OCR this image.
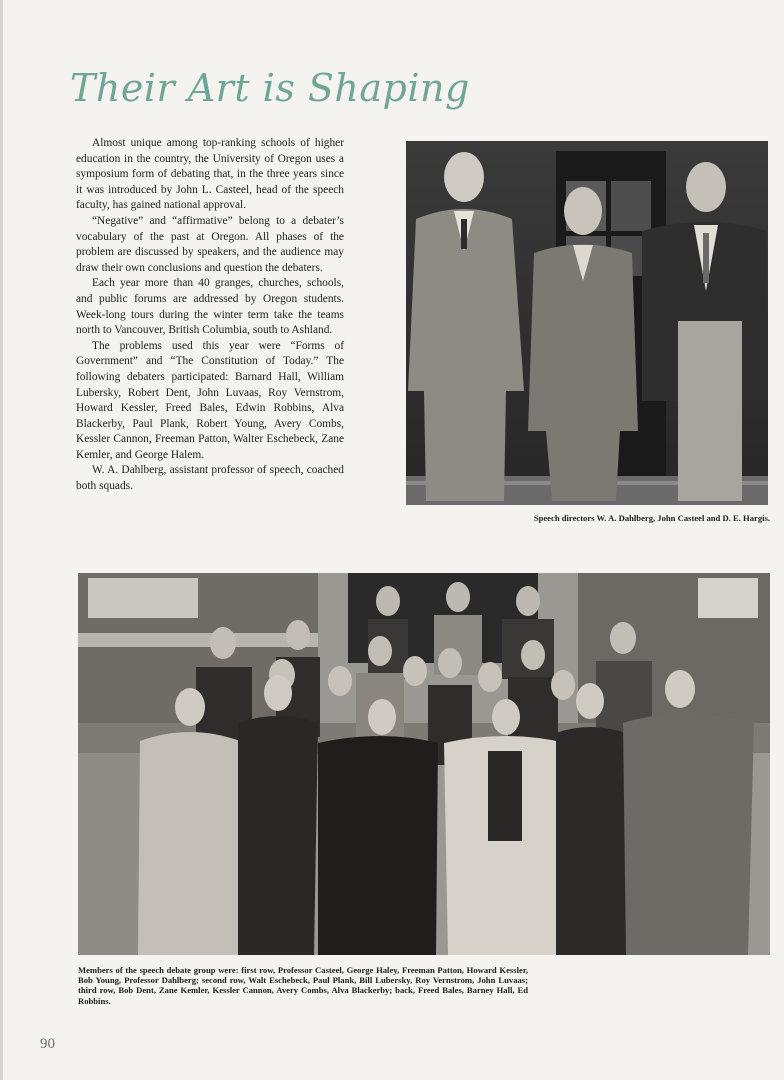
Their Art is Shaping

Almost unique among top-ranking schools of higher education in the country, the University of Oregon uses a symposium form of debating that, in the three years since it was introduced by John L. Casteel, head of the speech faculty, has gained national approval.

“Negative” and “affirmative” belong to a debater’s vocabulary of the past at Oregon. All phases of the problem are discussed by speakers, and the audience may draw their own conclusions and question the debaters.

Each year more than 40 granges, churches, schools, and public forums are addressed by Oregon students. Week-long tours during the winter term take the teams north to Vancouver, British Columbia, south to Ashland.

The problems used this year were “Forms of Government” and “The Constitution of Today.” The following debaters participated: Barnard Hall, William Lubersky, Robert Dent, John Luvaas, Roy Vernstrom, Howard Kessler, Freed Bales, Edwin Robbins, Alva Blackerby, Paul Plank, Robert Young, Avery Combs, Kessler Cannon, Freeman Patton, Walter Eschebeck, Zane Kemler, and George Halem.

W. A. Dahlberg, assistant professor of speech, coached both squads.

Speech directors W. A. Dahlberg, John Casteel and D. E. Hargis.
Members of the speech debate group were: first row, Professor Casteel, George Haley, Freeman Patton, Howard Kessler, Bob Young, Professor Dahlberg; second row, Walt Eschebeck, Paul Plank, Bill Lubersky, Roy Vernstrom, John Luvaas; third row, Bob Dent, Zane Kemler, Kessler Cannon, Avery Combs, Alva Blackerby; back, Freed Bales, Barney Hall, Ed Robbins.
90
